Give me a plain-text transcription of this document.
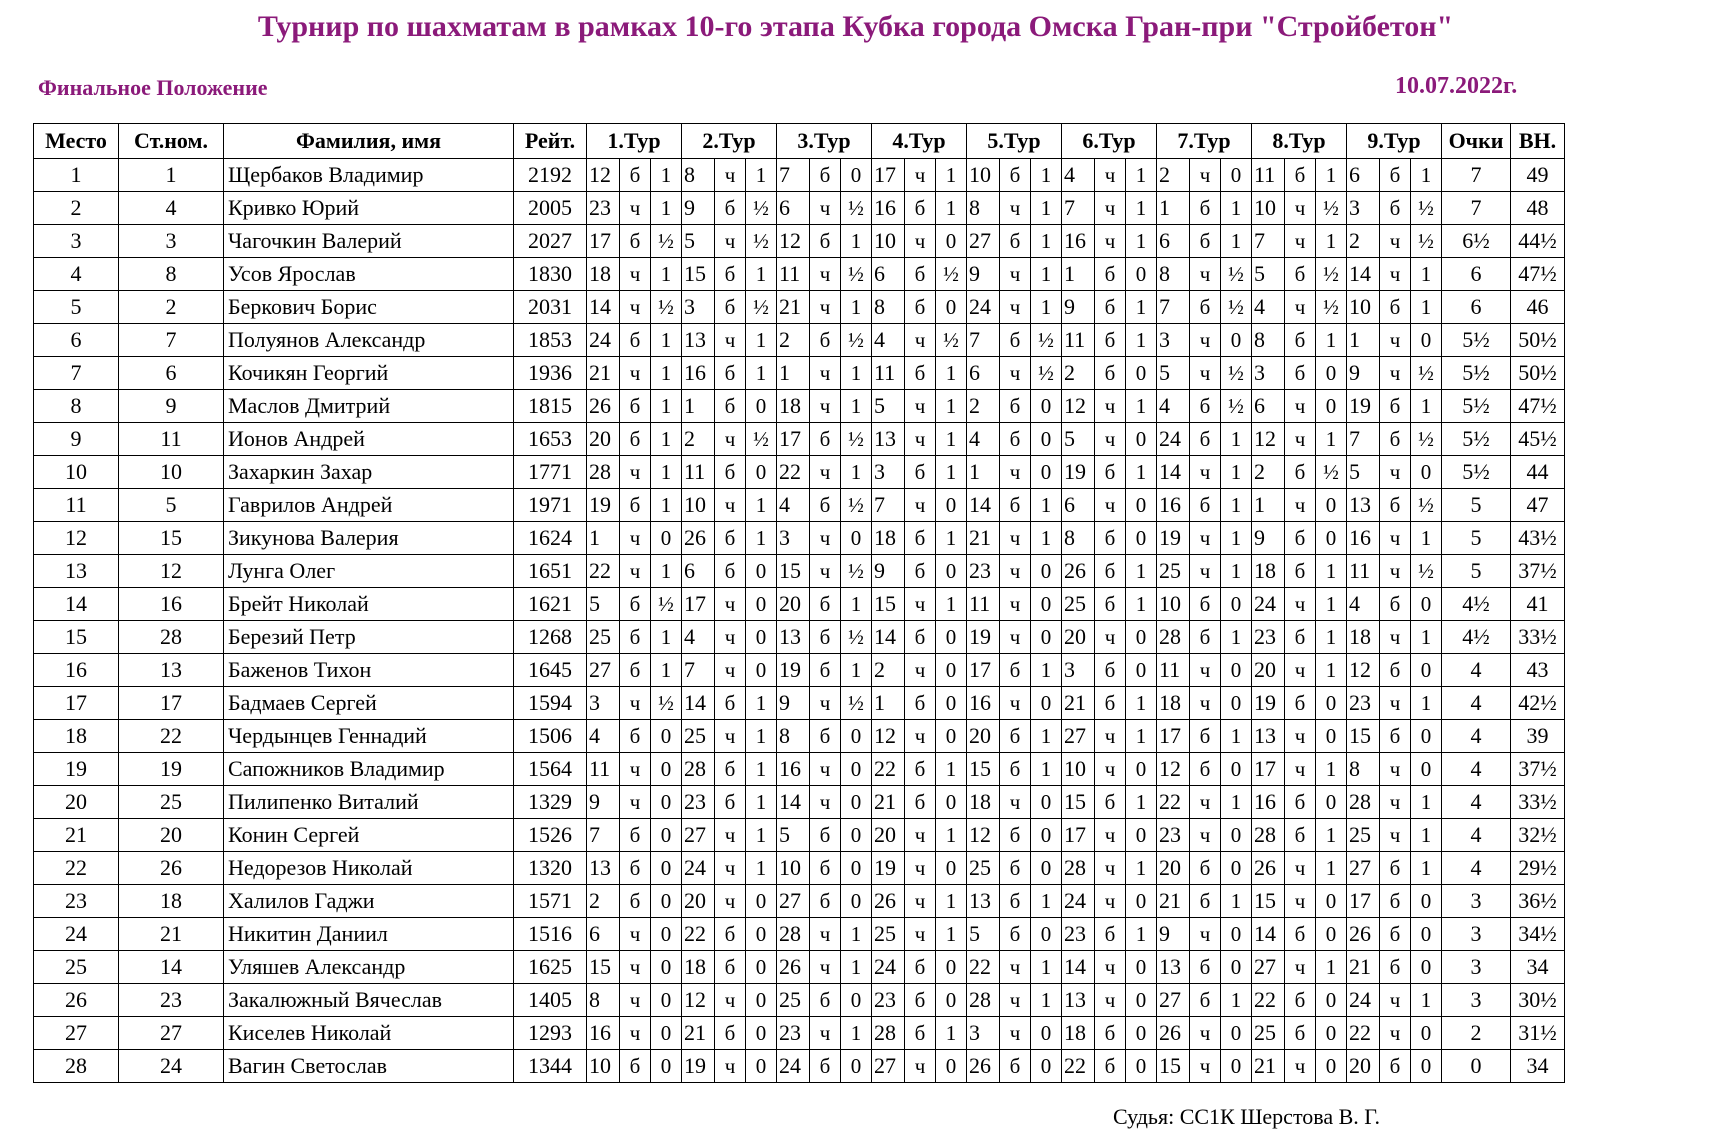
Турнир по шахматам в рамках 10-го этапа Кубка города Омска Гран-при "Стройбетон"
Финальное Положение	10.07.2022г.
Место	Ст.ном.	Фамилия, имя	Рейт.	1.Тур			2.Тур			3.Тур			4.Тур			5.Тур			6.Тур			7.Тур			8.Тур			9.Тур			Очки	ВН.
1	1	Щербаков Владимир	2192	12	б	1	8	ч	1	7	б	0	17	ч	1	10	б	1	4	ч	1	2	ч	0	11	б	1	6	б	1	7	49
2	4	Кривко Юрий	2005	23	ч	1	9	б	½	6	ч	½	16	б	1	8	ч	1	7	ч	1	1	б	1	10	ч	½	3	б	½	7	48
3	3	Чагочкин Валерий	2027	17	б	½	5	ч	½	12	б	1	10	ч	0	27	б	1	16	ч	1	6	б	1	7	ч	1	2	ч	½	6½	44½
4	8	Усов Ярослав	1830	18	ч	1	15	б	1	11	ч	½	6	б	½	9	ч	1	1	б	0	8	ч	½	5	б	½	14	ч	1	6	47½
5	2	Беркович Борис	2031	14	ч	½	3	б	½	21	ч	1	8	б	0	24	ч	1	9	б	1	7	б	½	4	ч	½	10	б	1	6	46
6	7	Полуянов Александр	1853	24	б	1	13	ч	1	2	б	½	4	ч	½	7	б	½	11	б	1	3	ч	0	8	б	1	1	ч	0	5½	50½
7	6	Кочикян Георгий	1936	21	ч	1	16	б	1	1	ч	1	11	б	1	6	ч	½	2	б	0	5	ч	½	3	б	0	9	ч	½	5½	50½
8	9	Маслов Дмитрий	1815	26	б	1	1	б	0	18	ч	1	5	ч	1	2	б	0	12	ч	1	4	б	½	6	ч	0	19	б	1	5½	47½
9	11	Ионов Андрей	1653	20	б	1	2	ч	½	17	б	½	13	ч	1	4	б	0	5	ч	0	24	б	1	12	ч	1	7	б	½	5½	45½
10	10	Захаркин Захар	1771	28	ч	1	11	б	0	22	ч	1	3	б	1	1	ч	0	19	б	1	14	ч	1	2	б	½	5	ч	0	5½	44
11	5	Гаврилов Андрей	1971	19	б	1	10	ч	1	4	б	½	7	ч	0	14	б	1	6	ч	0	16	б	1	1	ч	0	13	б	½	5	47
12	15	Зикунова Валерия	1624	1	ч	0	26	б	1	3	ч	0	18	б	1	21	ч	1	8	б	0	19	ч	1	9	б	0	16	ч	1	5	43½
13	12	Лунга Олег	1651	22	ч	1	6	б	0	15	ч	½	9	б	0	23	ч	0	26	б	1	25	ч	1	18	б	1	11	ч	½	5	37½
14	16	Брейт Николай	1621	5	б	½	17	ч	0	20	б	1	15	ч	1	11	ч	0	25	б	1	10	б	0	24	ч	1	4	б	0	4½	41
15	28	Березий Петр	1268	25	б	1	4	ч	0	13	б	½	14	б	0	19	ч	0	20	ч	0	28	б	1	23	б	1	18	ч	1	4½	33½
16	13	Баженов Тихон	1645	27	б	1	7	ч	0	19	б	1	2	ч	0	17	б	1	3	б	0	11	ч	0	20	ч	1	12	б	0	4	43
17	17	Бадмаев Сергей	1594	3	ч	½	14	б	1	9	ч	½	1	б	0	16	ч	0	21	б	1	18	ч	0	19	б	0	23	ч	1	4	42½
18	22	Чердынцев Геннадий	1506	4	б	0	25	ч	1	8	б	0	12	ч	0	20	б	1	27	ч	1	17	б	1	13	ч	0	15	б	0	4	39
19	19	Сапожников Владимир	1564	11	ч	0	28	б	1	16	ч	0	22	б	1	15	б	1	10	ч	0	12	б	0	17	ч	1	8	ч	0	4	37½
20	25	Пилипенко Виталий	1329	9	ч	0	23	б	1	14	ч	0	21	б	0	18	ч	0	15	б	1	22	ч	1	16	б	0	28	ч	1	4	33½
21	20	Конин Сергей	1526	7	б	0	27	ч	1	5	б	0	20	ч	1	12	б	0	17	ч	0	23	ч	0	28	б	1	25	ч	1	4	32½
22	26	Недорезов Николай	1320	13	б	0	24	ч	1	10	б	0	19	ч	0	25	б	0	28	ч	1	20	б	0	26	ч	1	27	б	1	4	29½
23	18	Халилов Гаджи	1571	2	б	0	20	ч	0	27	б	0	26	ч	1	13	б	1	24	ч	0	21	б	1	15	ч	0	17	б	0	3	36½
24	21	Никитин Даниил	1516	6	ч	0	22	б	0	28	ч	1	25	ч	1	5	б	0	23	б	1	9	ч	0	14	б	0	26	б	0	3	34½
25	14	Уляшев Александр	1625	15	ч	0	18	б	0	26	ч	1	24	б	0	22	ч	1	14	ч	0	13	б	0	27	ч	1	21	б	0	3	34
26	23	Закалюжный Вячеслав	1405	8	ч	0	12	ч	0	25	б	0	23	б	0	28	ч	1	13	ч	0	27	б	1	22	б	0	24	ч	1	3	30½
27	27	Киселев Николай	1293	16	ч	0	21	б	0	23	ч	1	28	б	1	3	ч	0	18	б	0	26	ч	0	25	б	0	22	ч	0	2	31½
28	24	Вагин Светослав	1344	10	б	0	19	ч	0	24	б	0	27	ч	0	26	б	0	22	б	0	15	ч	0	21	ч	0	20	б	0	0	34
Судья: СС1К Шерстова В. Г.
